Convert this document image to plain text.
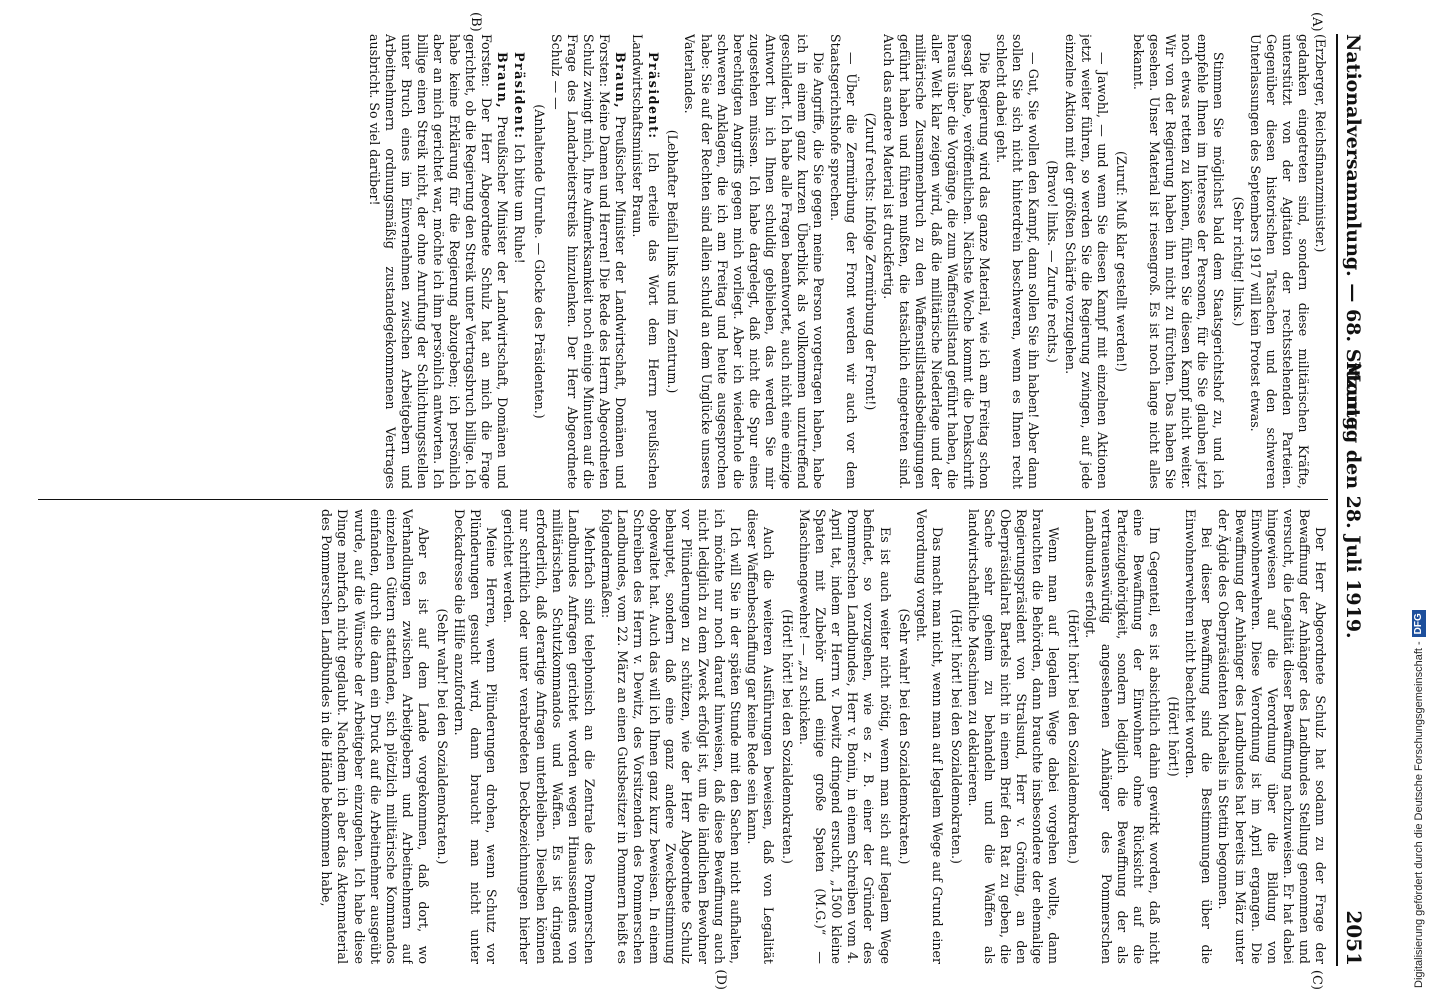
Nationalversammlung. — 68. Sitzung.
Montag den 28. Juli 1919.
2051
(A)
(B)
(C)
(D)

(Erzberger, Reichsfinanzminister.)

gedanken eingetreten sind, sondern diese militärischen Kräfte, unterstützt von der Agitation der rechtsstehenden Parteien. Gegenüber diesen historischen Tatsachen und den schweren Unterlassungen des Septembers 1917 will kein Protest etwas.

(Sehr richtig! links.)

Stimmen Sie möglichst bald dem Staatsgerichtshof zu, und ich empfehle Ihnen im Interesse der Personen, für die Sie glauben jetzt noch etwas retten zu können, führen Sie diesen Kampf nicht weiter. Wir von der Regierung haben ihn nicht zu fürchten. Das haben Sie gesehen. Unser Material ist riesengroß. Es ist noch lange nicht alles bekannt.

(Zuruf: Muß klar gestellt werden!)

— Jawohl, — und wenn Sie diesen Kampf mit einzelnen Aktionen jetzt weiter führen, so werden Sie die Regierung zwingen, auf jede einzelne Aktion mit der größten Schärfe vorzugehen.

(Bravo! links. — Zurufe rechts.)

— Gut, Sie wollen den Kampf, dann sollen Sie ihn haben! Aber dann sollen Sie sich nicht hinterdrein beschweren, wenn es Ihnen recht schlecht dabei geht.

Die Regierung wird das ganze Material, wie ich am Freitag schon gesagt habe, veröffentlichen. Nächste Woche kommt die Denkschrift heraus über die Vorgänge, die zum Waffenstillstand geführt haben, die aller Welt klar zeigen wird, daß die militärische Niederlage und der militärische Zusammenbruch zu den Waffenstillstandsbedingungen geführt haben und führen mußten, die tatsächlich eingetreten sind. Auch das andere Material ist druckfertig.

(Zuruf rechts: Infolge Zermürbung der Front!)

— Über die Zermürbung der Front werden wir auch vor dem Staatsgerichtshofe sprechen.

Die Angriffe, die Sie gegen meine Person vorgetragen haben, habe ich in einem ganz kurzen Überblick als vollkommen unzutreffend geschildert. Ich habe alle Fragen beantwortet, auch nicht eine einzige Antwort bin ich Ihnen schuldig geblieben, das werden Sie mir zugestehen müssen. Ich habe dargelegt, daß nicht die Spur eines berechtigten Angriffs gegen mich vorliegt. Aber ich wiederhole die schweren Anklagen, die ich am Freitag und heute ausgesprochen habe: Sie auf der Rechten sind allein schuld an dem Unglücke unseres Vaterlandes.

(Lebhafter Beifall links und im Zentrum.)

Präsident: Ich erteile das Wort dem Herrn preußischen Landwirtschaftsminister Braun.

Braun, Preußischer Minister der Landwirtschaft, Domänen und Forsten: Meine Damen und Herren! Die Rede des Herrn Abgeordneten Schulz zwingt mich, Ihre Aufmerksamkeit noch einige Minuten auf die Frage des Landarbeiterstreiks hinzulenken. Der Herr Abgeordnete Schulz — —

(Anhaltende Unruhe. — Glocke des Präsidenten.)

Präsident: Ich bitte um Ruhe!

Braun, Preußischer Minister der Landwirtschaft, Domänen und Forsten: Der Herr Abgeordnete Schulz hat an mich die Frage gerichtet, ob die Regierung den Streik unter Vertragsbruch billige. Ich habe keine Erklärung für die Regierung abzugeben; ich persönlich aber an mich gerichtet war, möchte ich ihm persönlich antworten. Ich billige einen Streik nicht, der ohne Anrufung der Schlichtungsstellen unter Bruch eines im Einvernehmen zwischen Arbeitgebern und Arbeitnehmern ordnungsmäßig zustandegekommenen Vertrages ausbricht. So viel darüber!

Der Herr Abgeordnete Schulz hat sodann zu der Frage der Bewaffnung der Anhänger des Landbundes Stellung genommen und versucht, die Legalität dieser Bewaffnung nachzuweisen. Er hat dabei hingewiesen auf die Verordnung über die Bildung von Einwohnerwehren. Diese Verordnung ist im April ergangen. Die Bewaffnung der Anhänger des Landbundes hat bereits im März unter der Ägide des Oberpräsidenten Michaelis in Stettin begonnen.

Bei dieser Bewaffnung sind die Bestimmungen über die Einwohnerwehren nicht beachtet worden.

(Hört! hört!)

Im Gegenteil, es ist absichtlich dahin gewirkt worden, daß nicht eine Bewaffnung der Einwohner ohne Rücksicht auf die Parteizugehörigkeit, sondern lediglich die Bewaffnung der als vertrauenswürdig angesehenen Anhänger des Pommerschen Landbundes erfolgt.

(Hört! hört! bei den Sozialdemokraten.)

Wenn man auf legalem Wege dabei vorgehen wollte, dann brauchten die Behörden, dann brauchte insbesondere der ehemalige Regierungspräsident von Stralsund, Herr v. Gröning, an den Oberpräsidialrat Bartels nicht in einem Brief den Rat zu geben, die Sache sehr geheim zu behandeln und die Waffen als landwirtschaftliche Maschinen zu deklarieren.

(Hört! hört! bei den Sozialdemokraten.)

Das macht man nicht, wenn man auf legalem Wege auf Grund einer Verordnung vorgeht.

(Sehr wahr! bei den Sozialdemokraten.)

Es ist auch weiter nicht nötig, wenn man sich auf legalem Wege befindet, so vorzugehen, wie es z. B. einer der Gründer des Pommerschen Landbundes, Herr v. Bonin, in einem Schreiben vom 4. April tat, indem er Herrn v. Dewitz dringend ersucht, „1500 kleine Spaten mit Zubehör und einige große Spaten (M.G.)“ — Maschinengewehre! — „zu schicken.

(Hört! hört! bei den Sozialdemokraten.)

Auch die weiteren Ausführungen beweisen, daß von Legalität dieser Waffenbeschaffung gar keine Rede sein kann.

Ich will Sie in der späten Stunde mit den Sachen nicht aufhalten, ich möchte nur noch darauf hinweisen, daß diese Bewaffnung auch nicht lediglich zu dem Zweck erfolgt ist, um die ländlichen Bewohner vor Plünderungen zu schützen, wie der Herr Abgeordnete Schulz behauptet, sondern daß eine ganz andere Zweckbestimmung obgewaltet hat. Auch das will ich Ihnen ganz kurz beweisen. In einem Schreiben des Herrn v. Dewitz, des Vorsitzenden des Pommerschen Landbundes, vom 22. März an einen Gutsbesitzer in Pommern heißt es folgendermaßen:

Mehrfach sind telephonisch an die Zentrale des Pommerschen Landbundes Anfragen gerichtet worden wegen Hinaussendens von militärischen Schutzkommandos und Waffen. Es ist dringend erforderlich, daß derartige Anfragen unterbleiben. Dieselben können nur schriftlich oder unter verabredeten Deckbezeichnungen hierher gerichtet werden.

Meine Herren, wenn Plünderungen drohen, wenn Schutz vor Plünderungen gesucht wird, dann braucht man nicht unter Deckadresse die Hilfe anzufordern.

(Sehr wahr! bei den Sozialdemokraten.)

Aber es ist auf dem Lande vorgekommen, daß dort, wo Verhandlungen zwischen Arbeitgebern und Arbeitnehmern auf einzelnen Gütern stattfanden, sich plötzlich militärische Kommandos einfanden, durch die dann ein Druck auf die Arbeitnehmer ausgeübt wurde, auf die Wünsche der Arbeitgeber einzugehen. Ich habe diese Dinge mehrfach nicht geglaubt. Nachdem ich aber das Aktenmaterial des Pommerschen Landbundes in die Hände bekommen habe,	Digitalisierung gefördert durch die Deutsche Forschungsgemeinschaft -DFG
